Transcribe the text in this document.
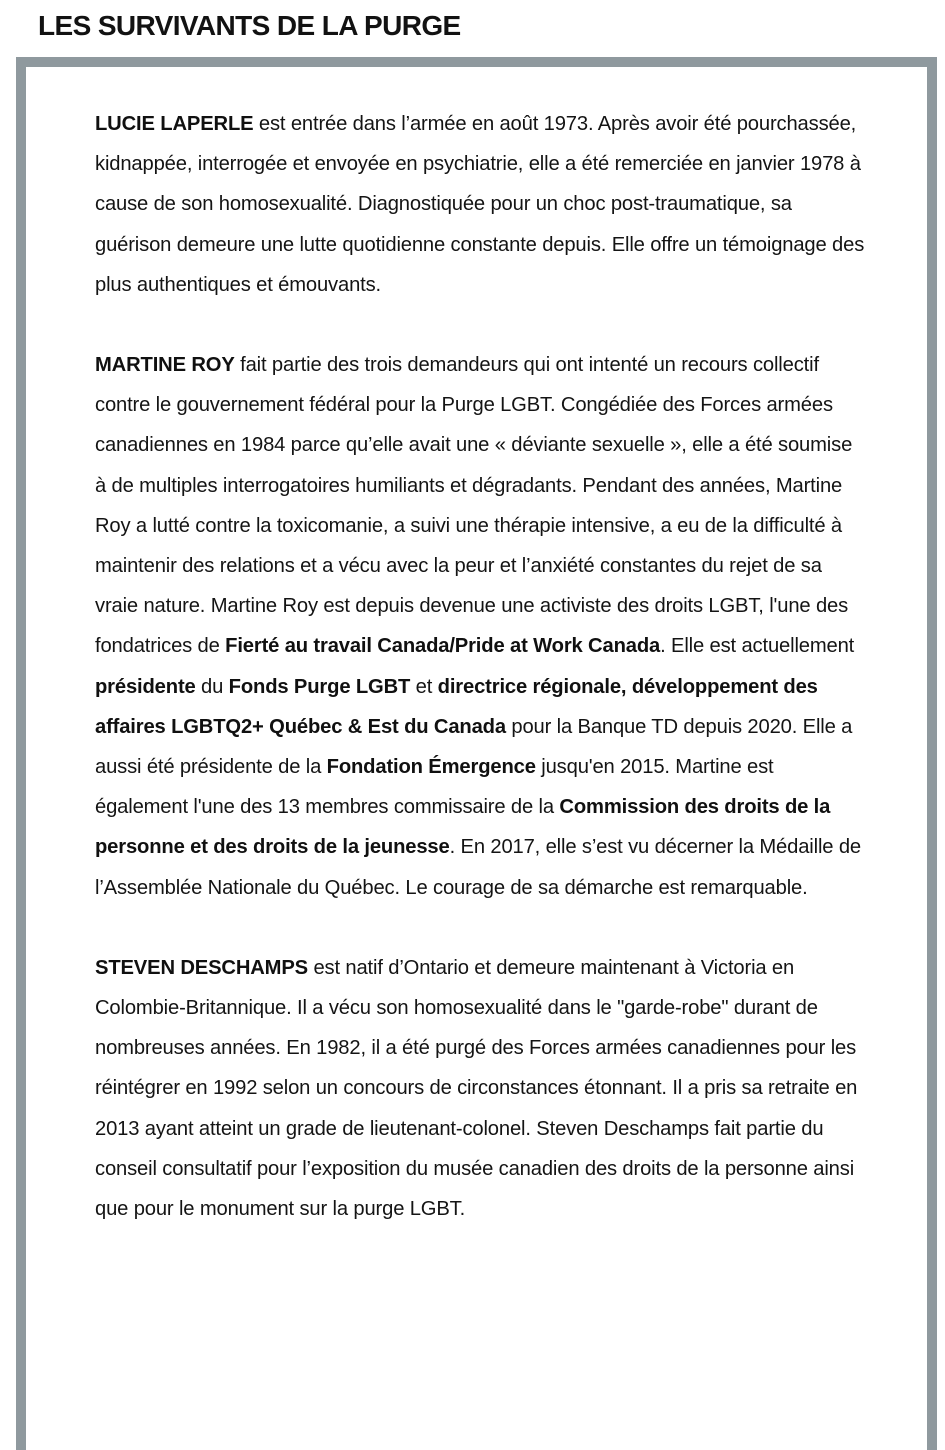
LES SURVIVANTS DE LA PURGE

LUCIE LAPERLE est entrée dans l’armée en août 1973. Après avoir été pourchassée, kidnappée, interrogée et envoyée en psychiatrie, elle a été remerciée en janvier 1978 à cause de son homosexualité. Diagnostiquée pour un choc post-traumatique, sa guérison demeure une lutte quotidienne constante depuis. Elle offre un témoignage des plus authentiques et émouvants.

MARTINE ROY fait partie des trois demandeurs qui ont intenté un recours collectif contre le gouvernement fédéral pour la Purge LGBT. Congédiée des Forces armées canadiennes en 1984 parce qu’elle avait une « déviante sexuelle », elle a été soumise à de multiples interrogatoires humiliants et dégradants. Pendant des années, Martine Roy a lutté contre la toxicomanie, a suivi une thérapie intensive, a eu de la difficulté à maintenir des relations et a vécu avec la peur et l’anxiété constantes du rejet de sa vraie nature. Martine Roy est depuis devenue une activiste des droits LGBT, l'une des fondatrices de Fierté au travail Canada/Pride at Work Canada. Elle est actuellement présidente du Fonds Purge LGBT et directrice régionale, développement des affaires LGBTQ2+ Québec & Est du Canada pour la Banque TD depuis 2020. Elle a aussi été présidente de la Fondation Émergence jusqu'en 2015. Martine est également l'une des 13 membres commissaire de la Commission des droits de la personne et des droits de la jeunesse. En 2017, elle s’est vu décerner la Médaille de l’Assemblée Nationale du Québec. Le courage de sa démarche est remarquable.

STEVEN DESCHAMPS est natif d’Ontario et demeure maintenant à Victoria en Colombie-Britannique. Il a vécu son homosexualité dans le "garde-robe" durant de nombreuses années. En 1982, il a été purgé des Forces armées canadiennes pour les réintégrer en 1992 selon un concours de circonstances étonnant. Il a pris sa retraite en 2013 ayant atteint un grade de lieutenant-colonel. Steven Deschamps fait partie du conseil consultatif pour l’exposition du musée canadien des droits de la personne ainsi que pour le monument sur la purge LGBT.
